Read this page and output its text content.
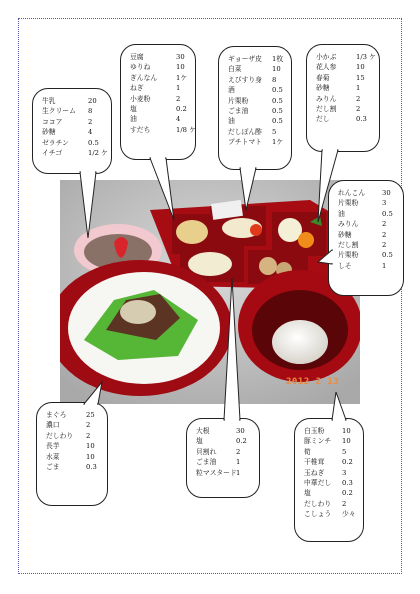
2012 2 13
牛乳	20
生クリーム	8
ココア	2
砂糖	4
ゼラチン	0.5
イチゴ	1/2 ケ
豆腐	30
ゆりね	10
ぎんなん	1ケ
ねぎ	1
小麦粉	2
塩	0.2
油	4
すだち	1/8 ケ
ギョーザ皮	1枚
白菜	10
えびすり身	8
酒	0.5
片栗粉	0.5
ごま油	0.5
油	0.5
だしぽん酢	5
プチトマト	1ケ
小かぶ	1/3 ケ
花人参	10
春菊	15
砂糖	1
みりん	2
だし割	2
だし	0.3
れんこん	30
片栗粉	3
油	0.5
みりん	2
砂糖	2
だし割	2
片栗粉	0.5
しそ	1
まぐろ	25
濃口	2
だしわり	2
長芋	10
水菜	10
ごま	0.3
大根	30
塩	0.2
貝割れ	2
ごま油	1
粒マスタード 1
白玉粉	10
豚ミンチ	10
筍	5
干椎茸	0.2
玉ねぎ	3
中華だし	0.3
塩	0.2
だしわり	2
こしょう	少々
